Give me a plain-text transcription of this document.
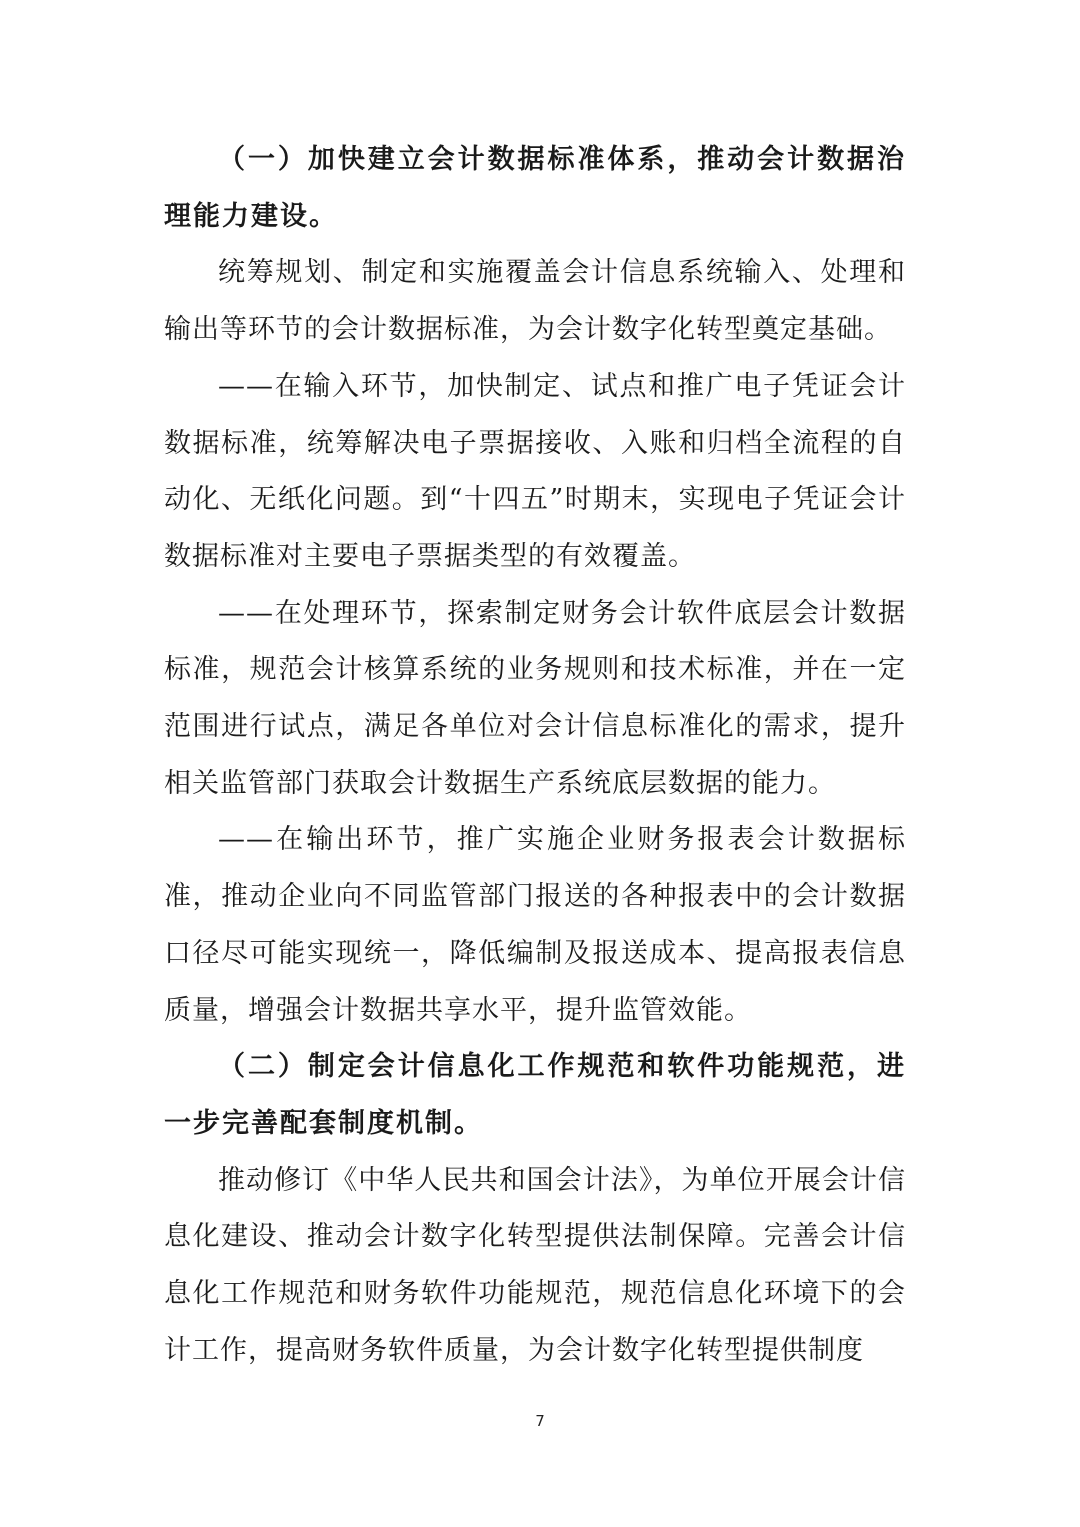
（一）加快建立会计数据标准体系，推动会计数据治理能力建设。

统筹规划、制定和实施覆盖会计信息系统输入、处理和输出等环节的会计数据标准，为会计数字化转型奠定基础。

——在输入环节，加快制定、试点和推广电子凭证会计数据标准，统筹解决电子票据接收、入账和归档全流程的自动化、无纸化问题。到“十四五”时期末，实现电子凭证会计数据标准对主要电子票据类型的有效覆盖。

——在处理环节，探索制定财务会计软件底层会计数据标准，规范会计核算系统的业务规则和技术标准，并在一定范围进行试点，满足各单位对会计信息标准化的需求，提升相关监管部门获取会计数据生产系统底层数据的能力。

——在输出环节，推广实施企业财务报表会计数据标准，推动企业向不同监管部门报送的各种报表中的会计数据口径尽可能实现统一，降低编制及报送成本、提高报表信息质量，增强会计数据共享水平，提升监管效能。

（二）制定会计信息化工作规范和软件功能规范，进一步完善配套制度机制。

推动修订《中华人民共和国会计法》，为单位开展会计信息化建设、推动会计数字化转型提供法制保障。完善会计信息化工作规范和财务软件功能规范，规范信息化环境下的会计工作，提高财务软件质量，为会计数字化转型提供制度

7
